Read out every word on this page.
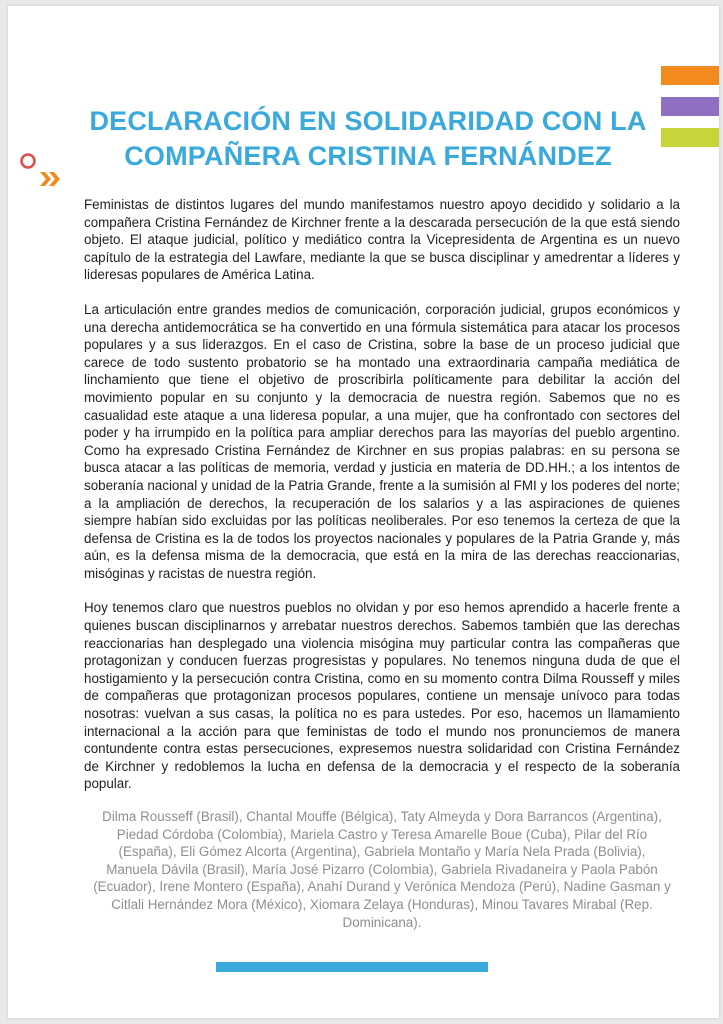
DECLARACIÓN EN SOLIDARIDAD CON LA
COMPAÑERA CRISTINA FERNÁNDEZ

Feministas de distintos lugares del mundo manifestamos nuestro apoyo decidido y solidario a la compañera Cristina Fernández de Kirchner frente a la descarada persecución de la que está siendo objeto. El ataque judicial, político y mediático contra la Vicepresidenta de Argentina es un nuevo capítulo de la estrategia del Lawfare, mediante la que se busca disciplinar y amedrentar a líderes y lideresas populares de América Latina.

La articulación entre grandes medios de comunicación, corporación judicial, grupos económicos y una derecha antidemocrática se ha convertido en una fórmula sistemática para atacar los procesos populares y a sus liderazgos. En el caso de Cristina, sobre la base de un proceso judicial que carece de todo sustento probatorio se ha montado una extraordinaria campaña mediática de linchamiento que tiene el objetivo de proscribirla políticamente para debilitar la acción del movimiento popular en su conjunto y la democracia de nuestra región. Sabemos que no es casualidad este ataque a una lideresa popular, a una mujer, que ha confrontado con sectores del poder y ha irrumpido en la política para ampliar derechos para las mayorías del pueblo argentino. Como ha expresado Cristina Fernández de Kirchner en sus propias palabras: en su persona se busca atacar a las políticas de memoria, verdad y justicia en materia de DD.HH.; a los intentos de soberanía nacional y unidad de la Patria Grande, frente a la sumisión al FMI y los poderes del norte; a la ampliación de derechos, la recuperación de los salarios y a las aspiraciones de quienes siempre habían sido excluidas por las políticas neoliberales. Por eso tenemos la certeza de que la defensa de Cristina es la de todos los proyectos nacionales y populares de la Patria Grande y, más aún, es la defensa misma de la democracia, que está en la mira de las derechas reaccionarias, misóginas y racistas de nuestra región.

Hoy tenemos claro que nuestros pueblos no olvidan y por eso hemos aprendido a hacerle frente a quienes buscan disciplinarnos y arrebatar nuestros derechos. Sabemos también que las derechas reaccionarias han desplegado una violencia misógina muy particular contra las compañeras que protagonizan y conducen fuerzas progresistas y populares. No tenemos ninguna duda de que el hostigamiento y la persecución contra Cristina, como en su momento contra Dilma Rousseff y miles de compañeras que protagonizan procesos populares, contiene un mensaje unívoco para todas nosotras: vuelvan a sus casas, la política no es para ustedes. Por eso, hacemos un llamamiento internacional a la acción para que feministas de todo el mundo nos pronunciemos de manera contundente contra estas persecuciones, expresemos nuestra solidaridad con Cristina Fernández de Kirchner y redoblemos la lucha en defensa de la democracia y el respecto de la soberanía popular.

Dilma Rousseff (Brasil), Chantal Mouffe (Bélgica), Taty Almeyda y Dora Barrancos (Argentina), Piedad Córdoba (Colombia), Mariela Castro y Teresa Amarelle Boue (Cuba), Pilar del Río (España), Eli Gómez Alcorta (Argentina), Gabriela Montaño y María Nela Prada (Bolivia), Manuela Dávila (Brasil), María José Pizarro (Colombia), Gabriela Rivadaneira y Paola Pabón (Ecuador), Irene Montero (España), Anahí Durand y Verónica Mendoza (Perú), Nadine Gasman y Citlali Hernández Mora (México), Xiomara Zelaya (Honduras), Minou Tavares Mirabal (Rep. Dominicana).
